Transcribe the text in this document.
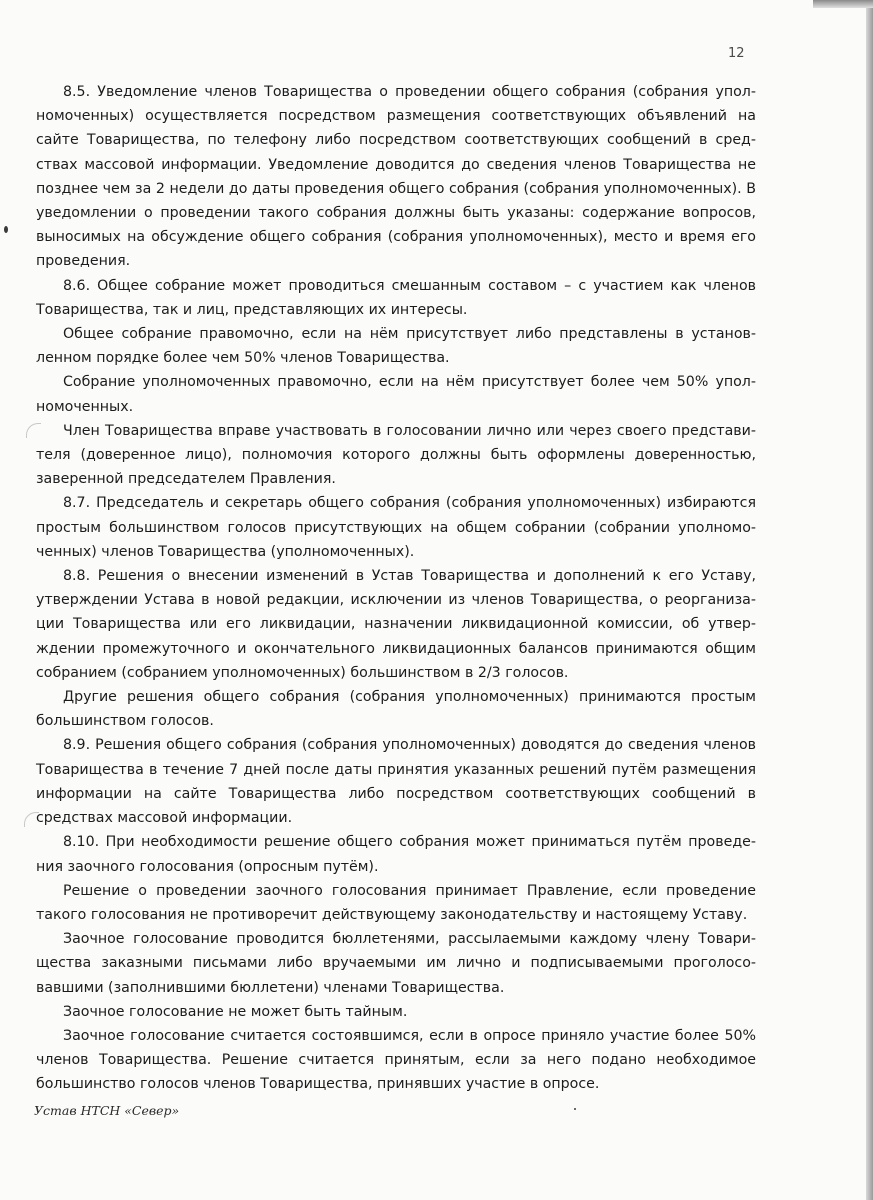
12

8.5. Уведомление членов Товарищества о проведении общего собрания (собрания уполномоченных) осуществляется посредством размещения соответствующих объявлений на сайте Товарищества, по телефону либо посредством соответствующих сообщений в средствах массовой информации. Уведомление доводится до сведения членов Товарищества не позднее чем за 2 недели до даты проведения общего собрания (собрания уполномоченных). В уведомлении о проведении такого собрания должны быть указаны: содержание вопросов, выносимых на обсуждение общего собрания (собрания уполномоченных), место и время его проведения.

8.6. Общее собрание может проводиться смешанным составом – с участием как членов Товарищества, так и лиц, представляющих их интересы.

Общее собрание правомочно, если на нём присутствует либо представлены в установленном порядке более чем 50% членов Товарищества.

Собрание уполномоченных правомочно, если на нём присутствует более чем 50% уполномоченных.

Член Товарищества вправе участвовать в голосовании лично или через своего представителя (доверенное лицо), полномочия которого должны быть оформлены доверенностью, заверенной председателем Правления.

8.7. Председатель и секретарь общего собрания (собрания уполномоченных) избираются простым большинством голосов присутствующих на общем собрании (собрании уполномоченных) членов Товарищества (уполномоченных).

8.8. Решения о внесении изменений в Устав Товарищества и дополнений к его Уставу, утверждении Устава в новой редакции, исключении из членов Товарищества, о реорганизации Товарищества или его ликвидации, назначении ликвидационной комиссии, об утверждении промежуточного и окончательного ликвидационных балансов принимаются общим собранием (собранием уполномоченных) большинством в 2/3 голосов.

Другие решения общего собрания (собрания уполномоченных) принимаются простым большинством голосов.

8.9. Решения общего собрания (собрания уполномоченных) доводятся до сведения членов Товарищества в течение 7 дней после даты принятия указанных решений путём размещения информации на сайте Товарищества либо посредством соответствующих сообщений в средствах массовой информации.

8.10. При необходимости решение общего собрания может приниматься путём проведения заочного голосования (опросным путём).

Решение о проведении заочного голосования принимает Правление, если проведение такого голосования не противоречит действующему законодательству и настоящему Уставу.

Заочное голосование проводится бюллетенями, рассылаемыми каждому члену Товарищества заказными письмами либо вручаемыми им лично и подписываемыми проголосовавшими (заполнившими бюллетени) членами Товарищества.

Заочное голосование не может быть тайным.

Заочное голосование считается состоявшимся, если в опросе приняло участие более 50% членов Товарищества. Решение считается принятым, если за него подано необходимое большинство голосов членов Товарищества, принявших участие в опросе.

Устав НТСН «Север»
